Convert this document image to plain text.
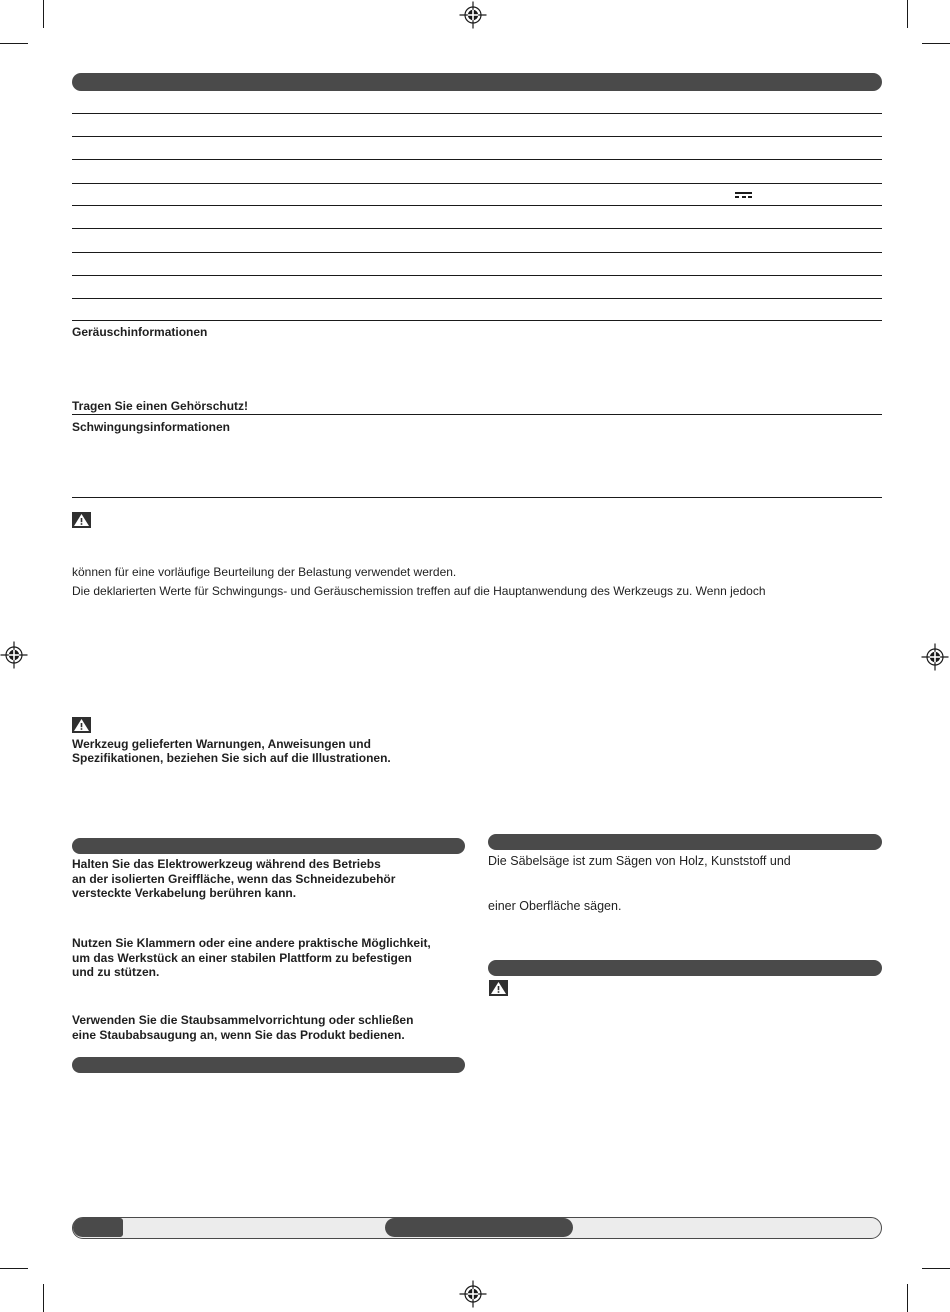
Geräuschinformationen
Tragen Sie einen Gehörschutz!
Schwingungsinformationen
können für eine vorläufige Beurteilung der Belastung verwendet werden.
Die deklarierten Werte für Schwingungs- und Geräuschemission treffen auf die Hauptanwendung des Werkzeugs zu. Wenn jedoch
Werkzeug gelieferten Warnungen, Anweisungen und
Spezifikationen, beziehen Sie sich auf die Illustrationen.
Halten Sie das Elektrowerkzeug während des Betriebs
an der isolierten Greiffläche, wenn das Schneidezubehör
versteckte Verkabelung berühren kann.
Nutzen Sie Klammern oder eine andere praktische Möglichkeit,
um das Werkstück an einer stabilen Plattform zu befestigen
und zu stützen.
Verwenden Sie die Staubsammelvorrichtung oder schließen
eine Staubabsaugung an, wenn Sie das Produkt bedienen.
Die Säbelsäge ist zum Sägen von Holz, Kunststoff und
einer Oberfläche sägen.
